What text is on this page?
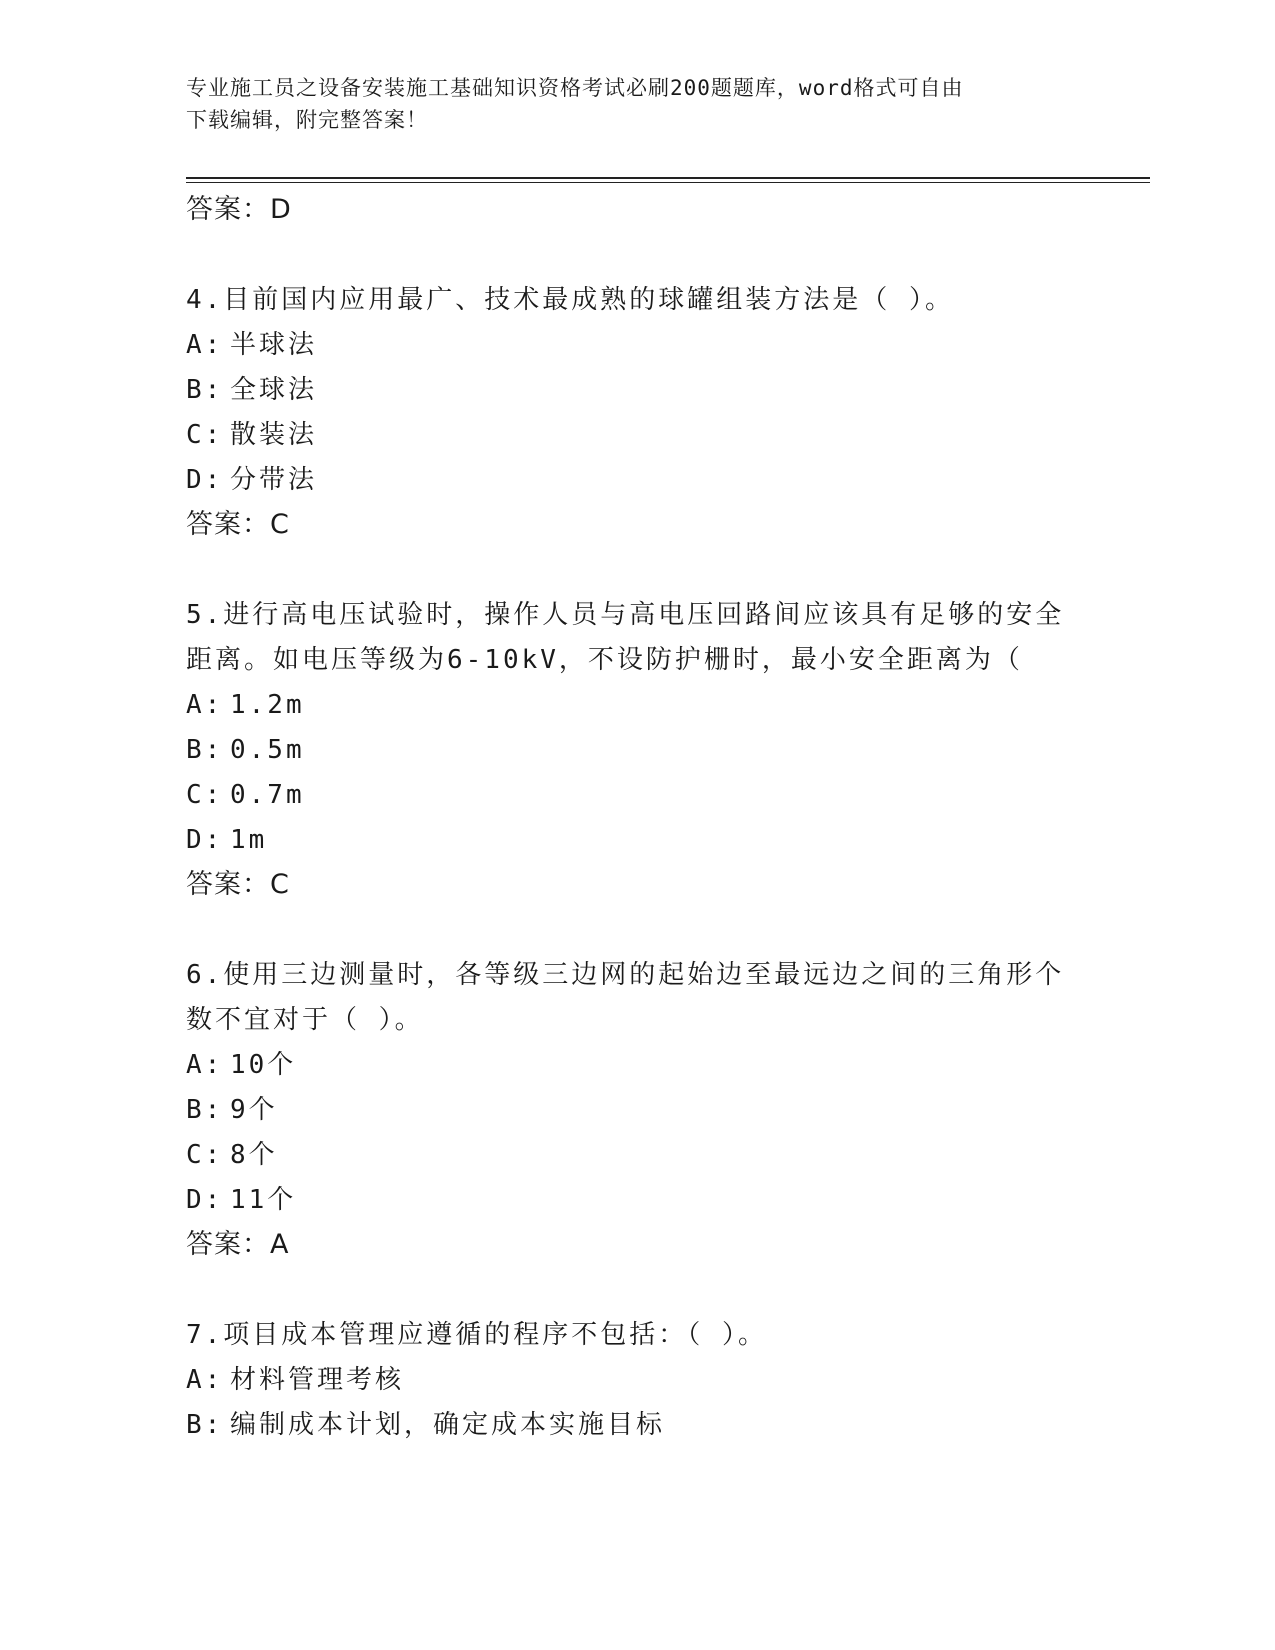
专业施工员之设备安装施工基础知识资格考试必刷200题题库，word格式可自由
下载编辑，附完整答案！
答案：D
4.目前国内应用最广、技术最成熟的球罐组装方法是（ ）。
A: 半球法
B: 全球法
C: 散装法
D: 分带法
答案：C
5.进行高电压试验时，操作人员与高电压回路间应该具有足够的安全
距离。如电压等级为6-10kV，不设防护栅时，最小安全距离为（
A: 1.2m
B: 0.5m
C: 0.7m
D: 1m
答案：C
6.使用三边测量时，各等级三边网的起始边至最远边之间的三角形个
数不宜对于（ ）。
A: 10个
B: 9个
C: 8个
D: 11个
答案：A
7.项目成本管理应遵循的程序不包括：（ ）。
A: 材料管理考核
B: 编制成本计划，确定成本实施目标
